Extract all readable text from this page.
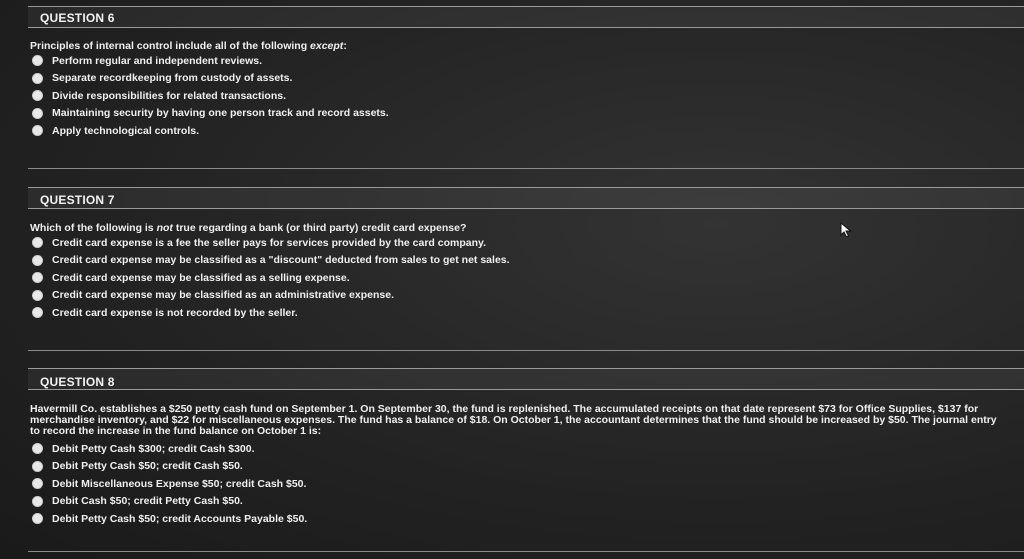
QUESTION 6
Principles of internal control include all of the following except:
Perform regular and independent reviews.
Separate recordkeeping from custody of assets.
Divide responsibilities for related transactions.
Maintaining security by having one person track and record assets.
Apply technological controls.
QUESTION 7
Which of the following is not true regarding a bank (or third party) credit card expense?
Credit card expense is a fee the seller pays for services provided by the card company.
Credit card expense may be classified as a "discount" deducted from sales to get net sales.
Credit card expense may be classified as a selling expense.
Credit card expense may be classified as an administrative expense.
Credit card expense is not recorded by the seller.
QUESTION 8
Havermill Co. establishes a $250 petty cash fund on September 1. On September 30, the fund is replenished. The accumulated receipts on that date represent $73 for Office Supplies, $137 for merchandise inventory, and $22 for miscellaneous expenses. The fund has a balance of $18. On October 1, the accountant determines that the fund should be increased by $50. The journal entry to record the increase in the fund balance on October 1 is:
Debit Petty Cash $300; credit Cash $300.
Debit Petty Cash $50; credit Cash $50.
Debit Miscellaneous Expense $50; credit Cash $50.
Debit Cash $50; credit Petty Cash $50.
Debit Petty Cash $50; credit Accounts Payable $50.
